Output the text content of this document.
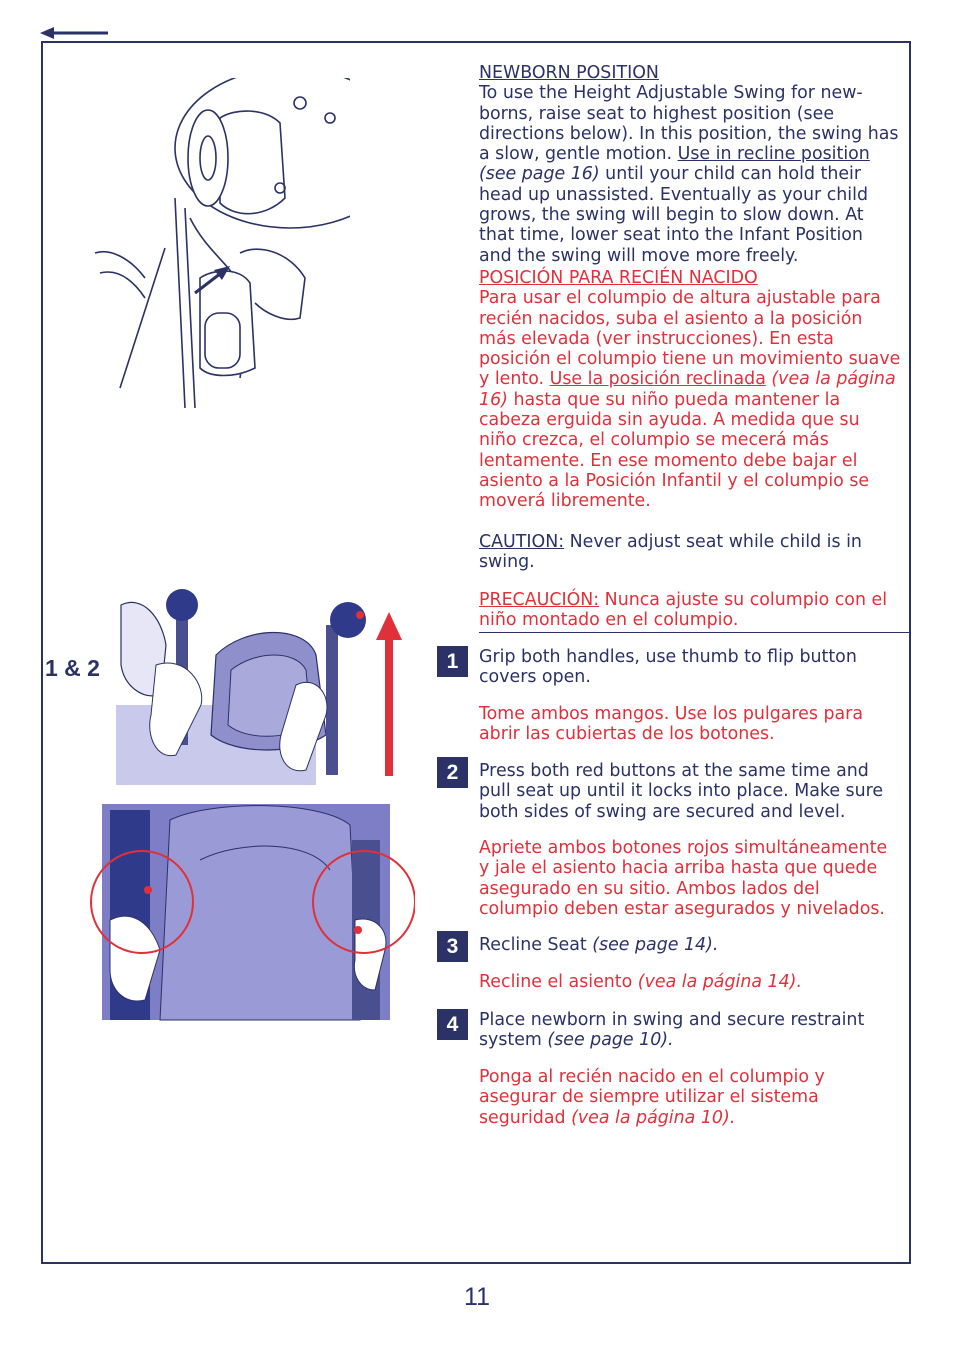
1 & 2

NEWBORN POSITION

To use the Height Adjustable Swing for new-borns, raise seat to highest position (see directions below). In this position, the swing has a slow, gentle motion. Use in recline position (see page 16) until your child can hold their head up unassisted. Eventually as your child grows, the swing will begin to slow down. At that time, lower seat into the Infant Position and the swing will move more freely.

POSICIÓN PARA RECIÉN NACIDO

Para usar el columpio de altura ajustable para recién nacidos, suba el asiento a la posición más elevada (ver instrucciones). En esta posición el columpio tiene un movimiento suave y lento. Use la posición reclinada (vea la página 16) hasta que su niño pueda mantener la cabeza erguida sin ayuda. A medida que su niño crezca, el columpio se mecerá más lentamente. En ese momento debe bajar el asiento a la Posición Infantil y el columpio se moverá libremente.

CAUTION: Never adjust seat while child is in swing.

PRECAUCIÓN: Nunca ajuste su columpio con el niño montado en el columpio.

1	Grip both handles, use thumb to flip button covers open.

Tome ambos mangos. Use los pulgares para abrir las cubiertas de los botones.

2	Press both red buttons at the same time and pull seat up until it locks into place. Make sure both sides of swing are secured and level.

Apriete ambos botones rojos simultáneamente y jale el asiento hacia arriba hasta que quede asegurado en su sitio. Ambos lados del columpio deben estar asegurados y nivelados.

3	Recline Seat (see page 14).

Recline el asiento (vea la página 14).

4	Place newborn in swing and secure restraint system (see page 10).

Ponga al recién nacido en el columpio y asegurar de siempre utilizar el sistema seguridad (vea la página 10).

11
